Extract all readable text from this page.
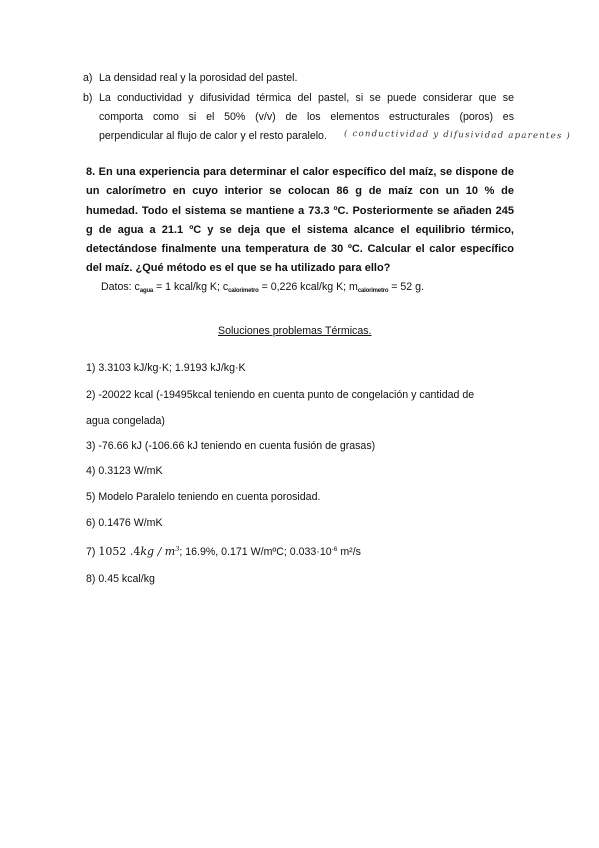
a) La densidad real y la porosidad del pastel.
b) La conductividad y difusividad térmica del pastel, si se puede considerar que se
comporta como si el 50% (v/v) de los elementos estructurales (poros) es
perpendicular al flujo de calor y el resto paralelo. ( conductividad y difusividad aparentes )
8. En una experiencia para determinar el calor específico del maíz, se dispone de
un calorímetro en cuyo interior se colocan 86 g de maíz con un 10 % de
humedad. Todo el sistema se mantiene a 73.3 ºC. Posteriormente se añaden 245
g de agua a 21.1 ºC y se deja que el sistema alcance el equilibrio térmico,
detectándose finalmente una temperatura de 30 ºC. Calcular el calor específico
del maíz. ¿Qué método es el que se ha utilizado para ello?
Datos: $c_{agua} = 1$ kcal/kg K; $c_{calorimetro} = 0,226$ kcal/kg K; $m_{calorimetro} = 52$ g.
Soluciones problemas Térmicas.
1) 3.3103 kJ/kg·K; 1.9193 kJ/kg·K
2) -20022 kcal (-19495kcal teniendo en cuenta punto de congelación y cantidad de
agua congelada)
3) -76.66 kJ (-106.66 kJ teniendo en cuenta fusión de grasas)
4) 0.3123 W/mK
5) Modelo Paralelo teniendo en cuenta porosidad.
6) 0.1476 W/mK
7) 1052 $.4kg / m^3$; 16.9%, 0.171 W/mºC; $0.033\cdot 10^{-6}$ m²/s
8) 0.45 kcal/kg
